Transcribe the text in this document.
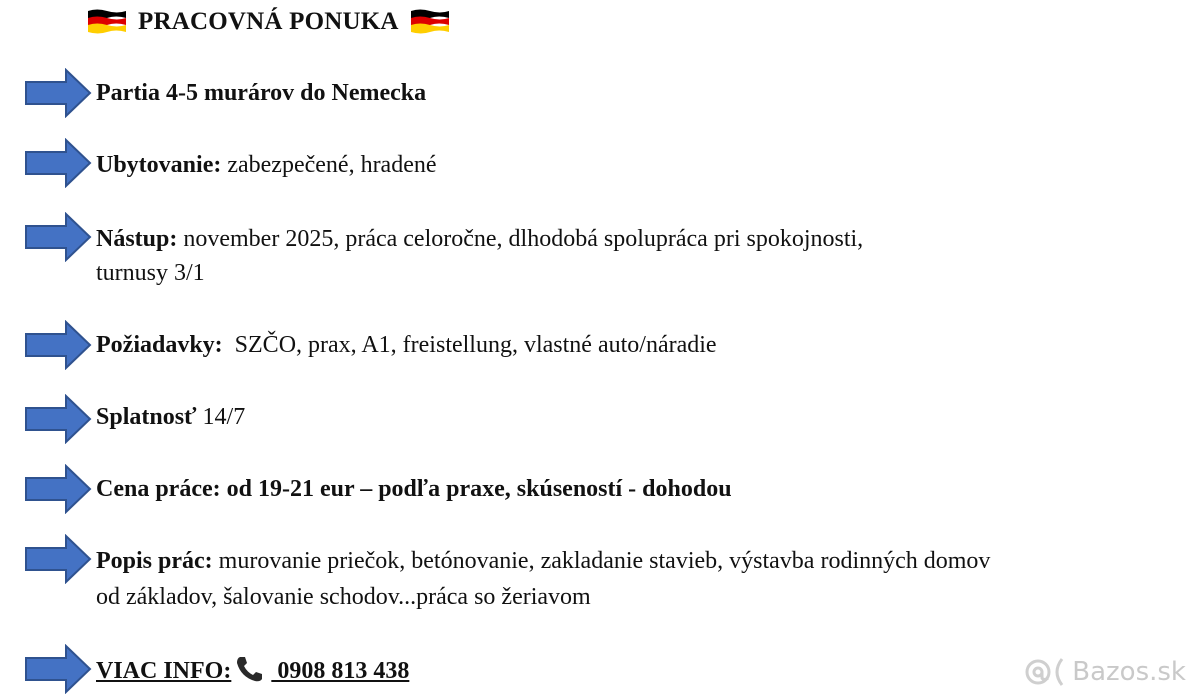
PRACOVNÁ PONUKA
Partia 4-5 murárov do Nemecka
Ubytovanie: zabezpečené, hradené
Nástup: november 2025, práca celoročne, dlhodobá spolupráca pri spokojnosti,
turnusy 3/1
Požiadavky:  SZČO, prax, A1, freistellung, vlastné auto/náradie
Splatnosť 14/7
Cena práce: od 19-21 eur – podľa praxe, skúseností - dohodou
Popis prác: murovanie priečok, betónovanie, zakladanie stavieb, výstavba rodinných domov
od základov, šalovanie schodov...práca so žeriavom
VIAC INFO: 0908 813 438	Bazos.sk
